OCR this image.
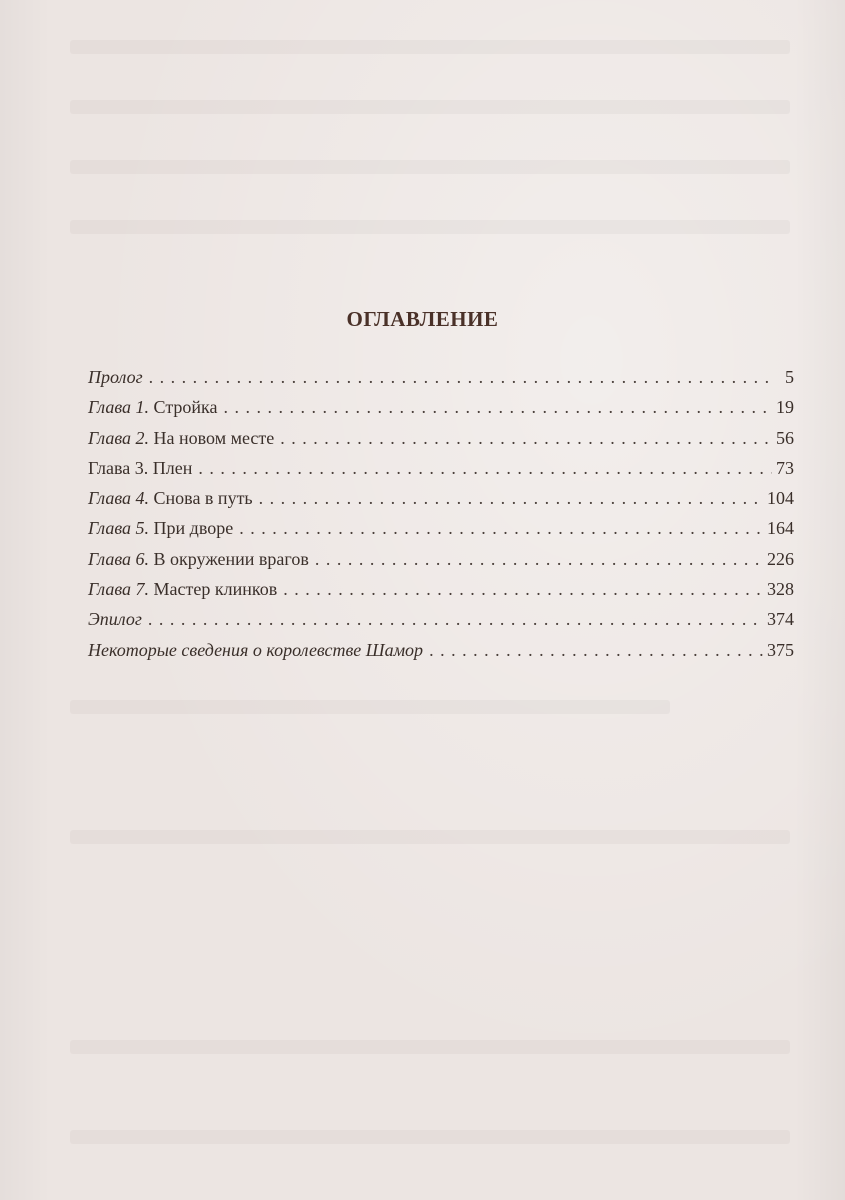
ОГЛАВЛЕНИЕ
Пролог . . .	5
Глава 1. Стройка . . .	19
Глава 2. На новом месте . . .	56
Глава 3. Плен . . .	73
Глава 4. Снова в путь . . .	104
Глава 5. При дворе . . .	164
Глава 6. В окружении врагов . . .	226
Глава 7. Мастер клинков . . .	328
Эпилог . . .	374
Некоторые сведения о королевстве Шамор . . .	375
